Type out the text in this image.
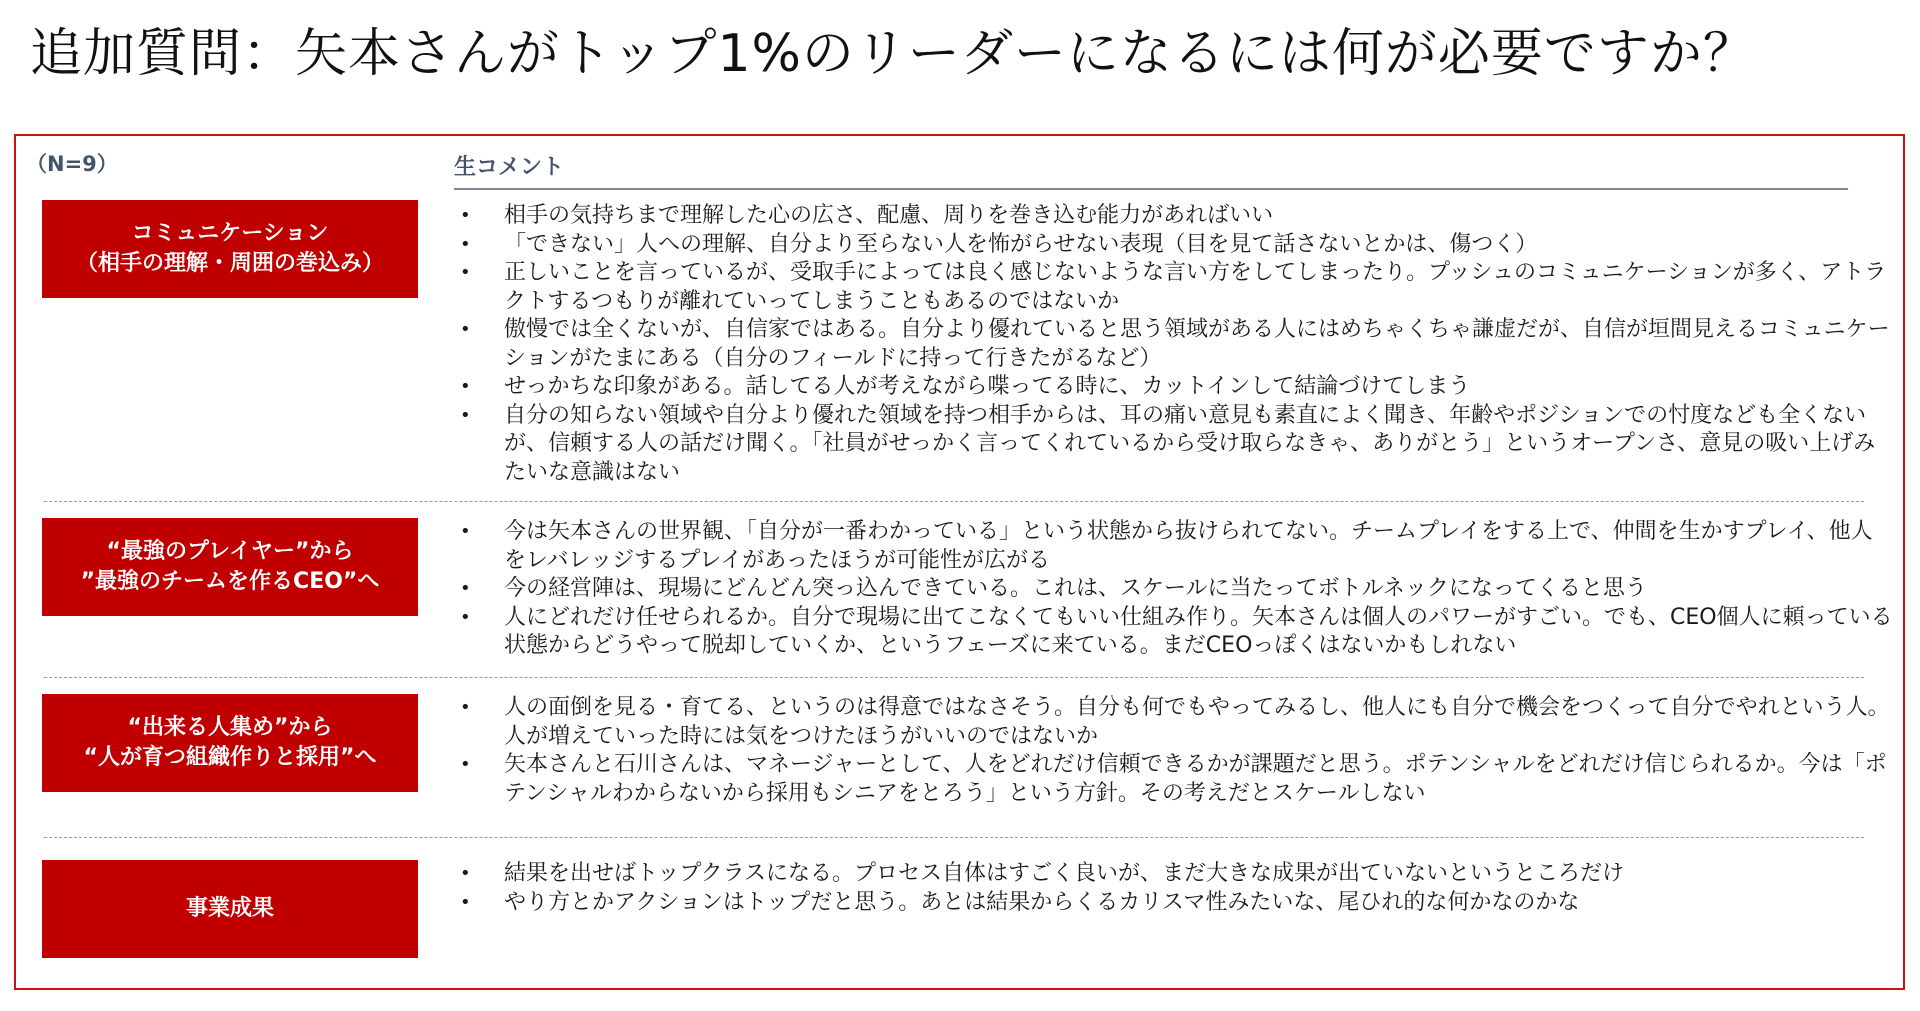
追加質問：矢本さんがトップ1%のリーダーになるには何が必要ですか？
（N=9）	生コメント
コミュニケーション
（相手の理解・周囲の巻込み）
• 相手の気持ちまで理解した心の広さ、配慮、周りを巻き込む能力があればいい
• 「できない」人への理解、自分より至らない人を怖がらせない表現（目を見て話さないとかは、傷つく）
• 正しいことを言っているが、受取手によっては良く感じないような言い方をしてしまったり。プッシュのコミュニケーションが多く、アトラクトするつもりが離れていってしまうこともあるのではないか
• 傲慢では全くないが、自信家ではある。自分より優れていると思う領域がある人にはめちゃくちゃ謙虚だが、自信が垣間見えるコミュニケーションがたまにある（自分のフィールドに持って行きたがるなど）
• せっかちな印象がある。話してる人が考えながら喋ってる時に、カットインして結論づけてしまう
• 自分の知らない領域や自分より優れた領域を持つ相手からは、耳の痛い意見も素直によく聞き、年齢やポジションでの忖度なども全くないが、信頼する人の話だけ聞く。「社員がせっかく言ってくれているから受け取らなきゃ、ありがとう」というオープンさ、意見の吸い上げみたいな意識はない
“最強のプレイヤー”から
”最強のチームを作るCEO”へ
• 今は矢本さんの世界観、「自分が一番わかっている」という状態から抜けられてない。チームプレイをする上で、仲間を生かすプレイ、他人をレバレッジするプレイがあったほうが可能性が広がる
• 今の経営陣は、現場にどんどん突っ込んできている。これは、スケールに当たってボトルネックになってくると思う
• 人にどれだけ任せられるか。自分で現場に出てこなくてもいい仕組み作り。矢本さんは個人のパワーがすごい。でも、CEO個人に頼っている状態からどうやって脱却していくか、というフェーズに来ている。まだCEOっぽくはないかもしれない
“出来る人集め”から
“人が育つ組織作りと採用”へ
• 人の面倒を見る・育てる、というのは得意ではなさそう。自分も何でもやってみるし、他人にも自分で機会をつくって自分でやれという人。人が増えていった時には気をつけたほうがいいのではないか
• 矢本さんと石川さんは、マネージャーとして、人をどれだけ信頼できるかが課題だと思う。ポテンシャルをどれだけ信じられるか。今は「ポテンシャルわからないから採用もシニアをとろう」という方針。その考えだとスケールしない
事業成果
• 結果を出せばトップクラスになる。プロセス自体はすごく良いが、まだ大きな成果が出ていないというところだけ
• やり方とかアクションはトップだと思う。あとは結果からくるカリスマ性みたいな、尾ひれ的な何かなのかな
